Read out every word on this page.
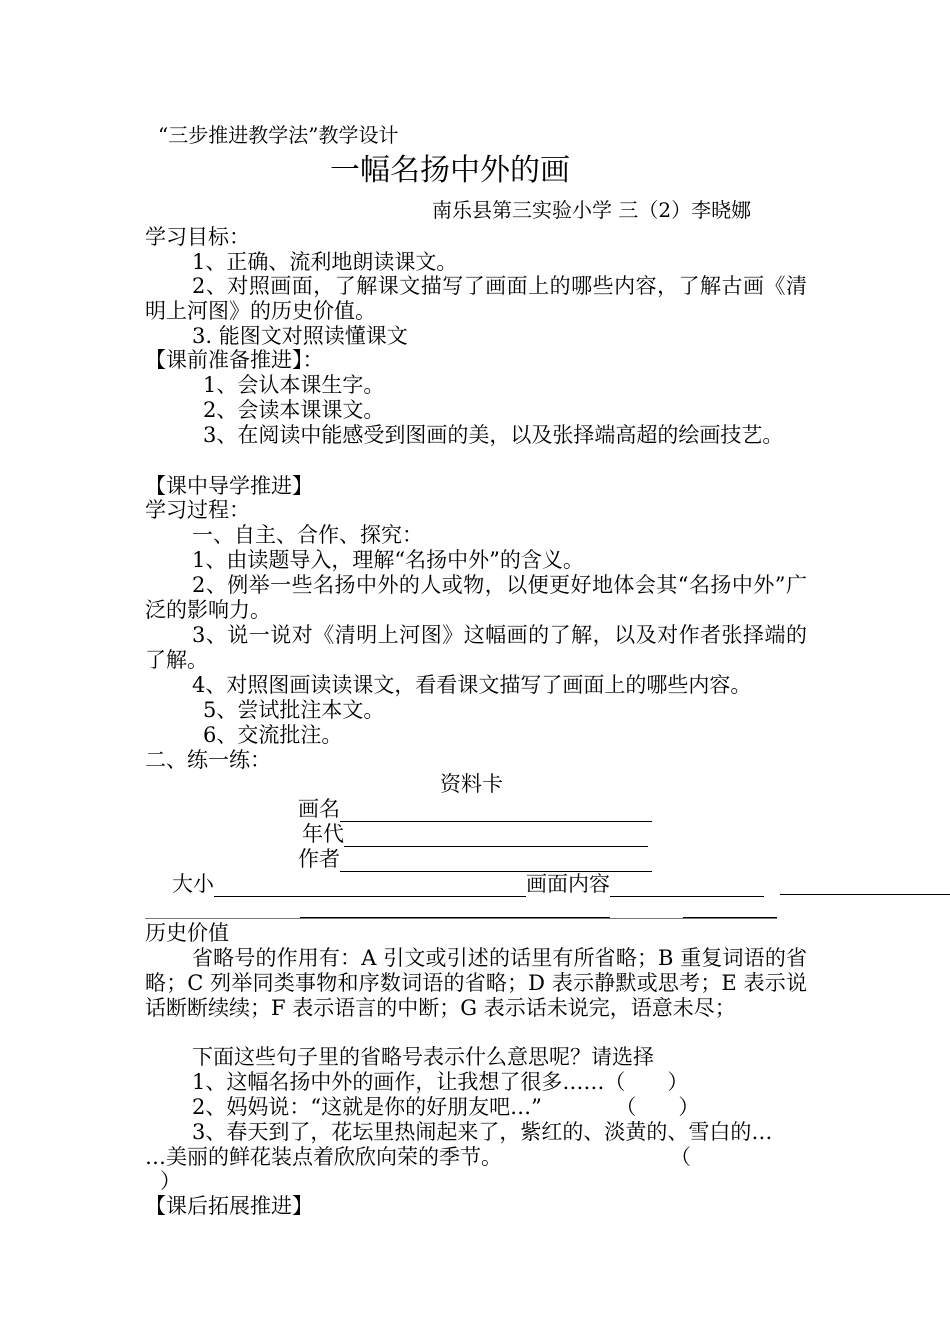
“三步推进教学法”教学设计
一幅名扬中外的画
南乐县第三实验小学 三（2）李晓娜
学习目标：
1、正确、流利地朗读课文。
2、对照画面，了解课文描写了画面上的哪些内容，了解古画《清明上河图》的历史价值。
3. 能图文对照读懂课文
【课前准备推进】：
1、会认本课生字。
2、会读本课课文。
3、在阅读中能感受到图画的美，以及张择端高超的绘画技艺。
【课中导学推进】
学习过程：
一、自主、合作、探究：
1、由读题导入，理解“名扬中外”的含义。
2、例举一些名扬中外的人或物，以便更好地体会其“名扬中外”广泛的影响力。
3、说一说对《清明上河图》这幅画的了解，以及对作者张择端的了解。
4、对照图画读读课文，看看课文描写了画面上的哪些内容。
5、尝试批注本文。
6、交流批注。
二、练一练：
资料卡
画名
年代
作者
大小	画面内容
历史价值
省略号的作用有：A 引文或引述的话里有所省略；B 重复词语的省略；C 列举同类事物和序数词语的省略；D 表示静默或思考；E 表示说话断断续续；F 表示语言的中断；G 表示话未说完，语意未尽；
下面这些句子里的省略号表示什么意思呢？请选择
1、这幅名扬中外的画作，让我想了很多……（　　）
2、妈妈说：“这就是你的好朋友吧…”　　　　（　　）
3、春天到了，花坛里热闹起来了，紫红的、淡黄的、雪白的…
…美丽的鲜花装点着欣欣向荣的季节。　　　　　　　　　（
）
【课后拓展推进】
